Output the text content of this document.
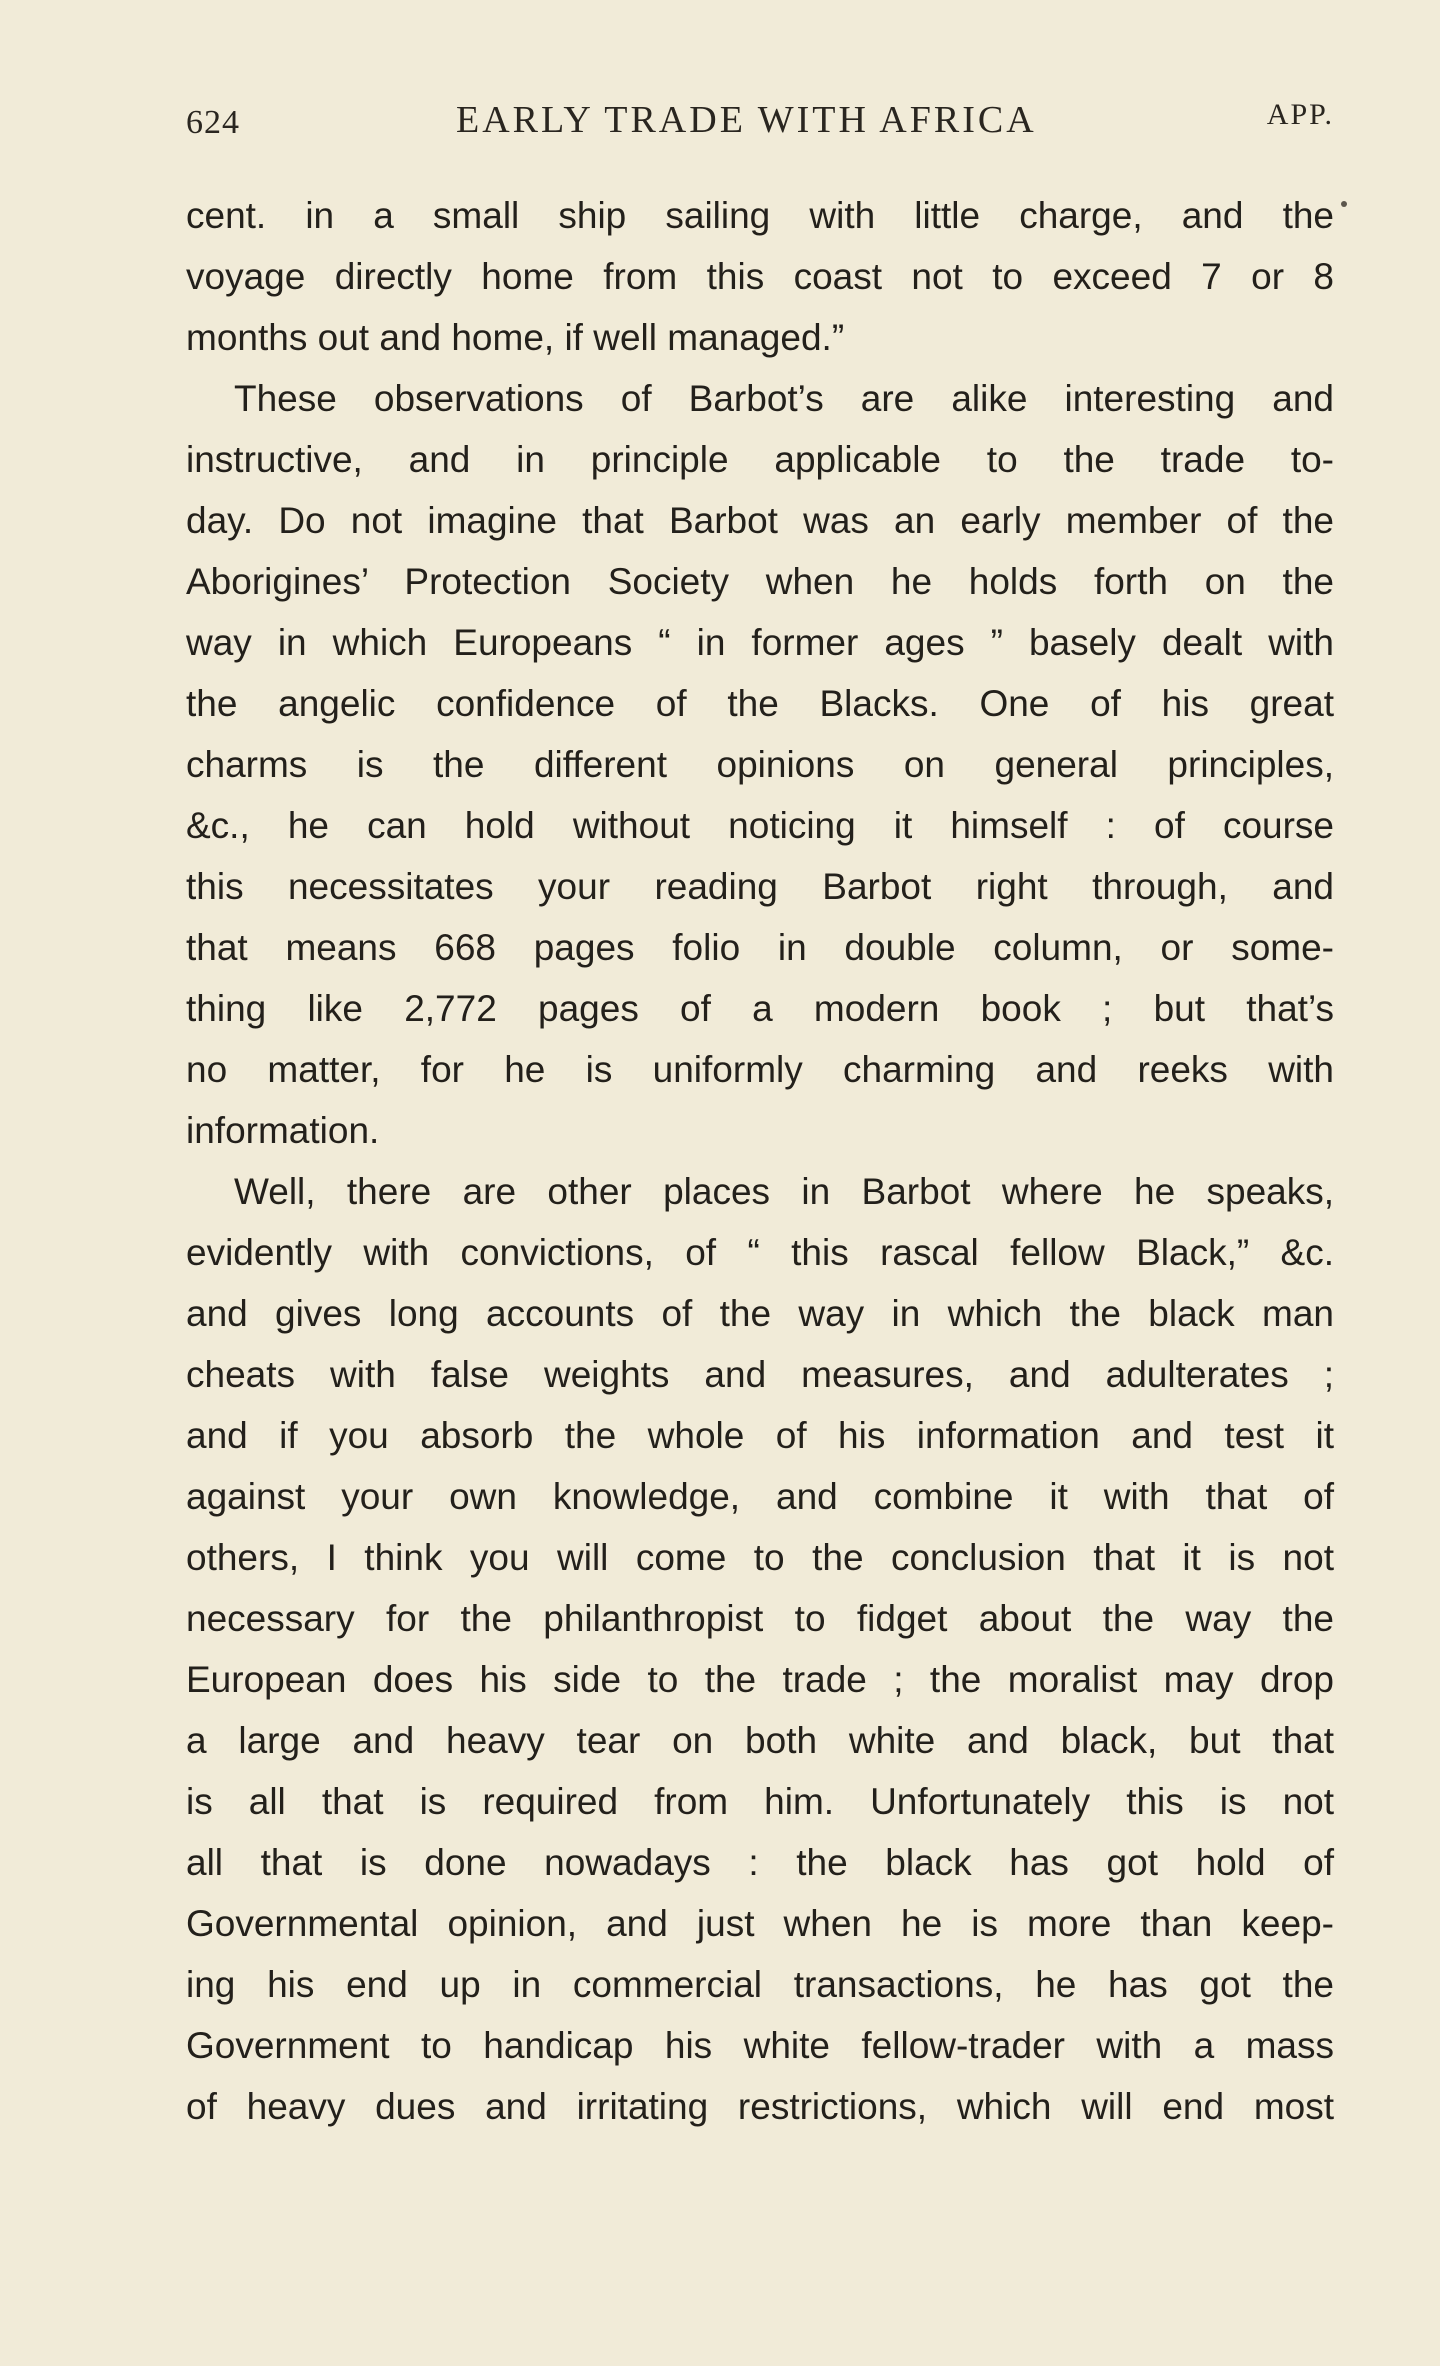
624	EARLY TRADE WITH AFRICA	APP.
cent. in a small ship sailing with little charge, and the
voyage directly home from this coast not to exceed 7 or 8
months out and home, if well managed.”
These observations of Barbot’s are alike interesting and
instructive, and in principle applicable to the trade to-
day. Do not imagine that Barbot was an early member of the
Aborigines’ Protection Society when he holds forth on the
way in which Europeans “ in former ages ” basely dealt with
the angelic confidence of the Blacks. One of his great
charms is the different opinions on general principles,
&c., he can hold without noticing it himself : of course
this necessitates your reading Barbot right through, and
that means 668 pages folio in double column, or some-
thing like 2,772 pages of a modern book ; but that’s
no matter, for he is uniformly charming and reeks with
information.
Well, there are other places in Barbot where he speaks,
evidently with convictions, of “ this rascal fellow Black,” &c.
and gives long accounts of the way in which the black man
cheats with false weights and measures, and adulterates ;
and if you absorb the whole of his information and test it
against your own knowledge, and combine it with that of
others, I think you will come to the conclusion that it is not
necessary for the philanthropist to fidget about the way the
European does his side to the trade ; the moralist may drop
a large and heavy tear on both white and black, but that
is all that is required from him. Unfortunately this is not
all that is done nowadays : the black has got hold of
Governmental opinion, and just when he is more than keep-
ing his end up in commercial transactions, he has got the
Government to handicap his white fellow-trader with a mass
of heavy dues and irritating restrictions, which will end most
